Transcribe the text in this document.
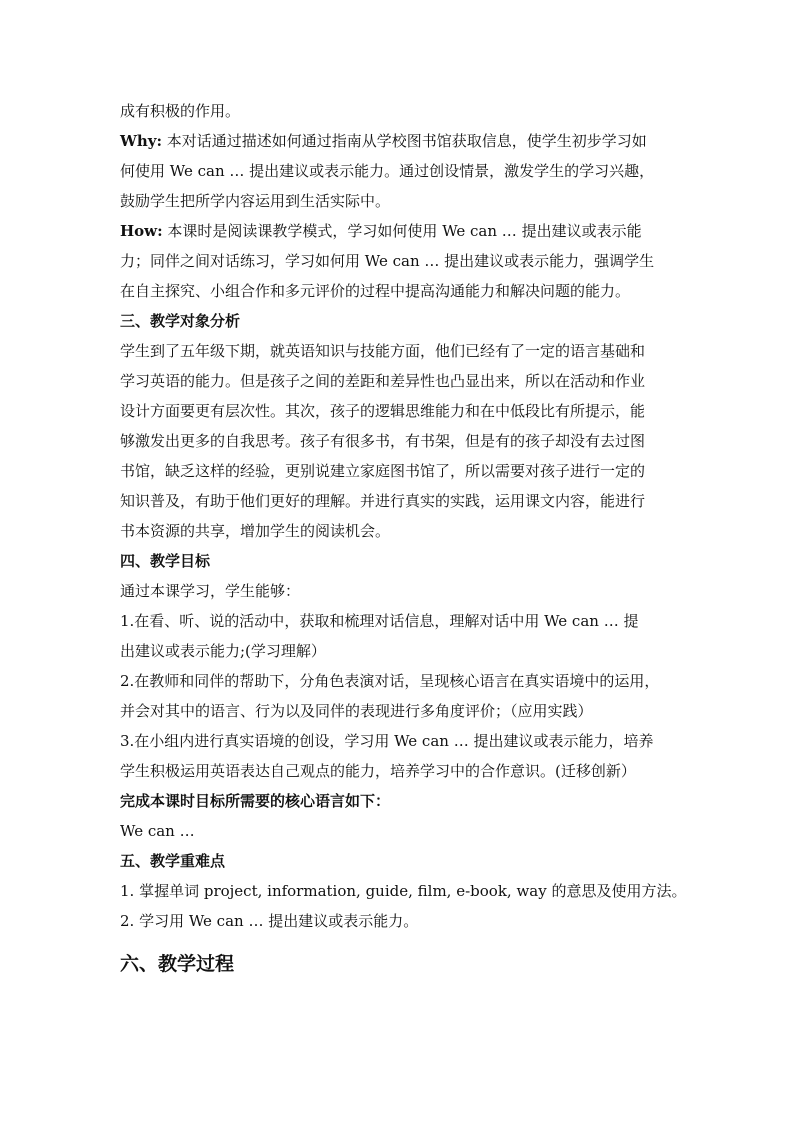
成有积极的作用。
Why: 本对话通过描述如何通过指南从学校图书馆获取信息，使学生初步学习如
何使用 We can … 提出建议或表示能力。通过创设情景，激发学生的学习兴趣，
鼓励学生把所学内容运用到生活实际中。
How: 本课时是阅读课教学模式，学习如何使用 We can … 提出建议或表示能
力；同伴之间对话练习，学习如何用 We can … 提出建议或表示能力，强调学生
在自主探究、小组合作和多元评价的过程中提高沟通能力和解决问题的能力。
三、教学对象分析
学生到了五年级下期，就英语知识与技能方面，他们已经有了一定的语言基础和
学习英语的能力。但是孩子之间的差距和差异性也凸显出来，所以在活动和作业
设计方面要更有层次性。其次，孩子的逻辑思维能力和在中低段比有所提示，能
够激发出更多的自我思考。孩子有很多书，有书架，但是有的孩子却没有去过图
书馆，缺乏这样的经验，更别说建立家庭图书馆了，所以需要对孩子进行一定的
知识普及，有助于他们更好的理解。并进行真实的实践，运用课文内容，能进行
书本资源的共享，增加学生的阅读机会。
四、教学目标
通过本课学习，学生能够：
1.在看、听、说的活动中，获取和梳理对话信息，理解对话中用 We can … 提
出建议或表示能力;(学习理解）
2.在教师和同伴的帮助下，分角色表演对话，呈现核心语言在真实语境中的运用，
并会对其中的语言、行为以及同伴的表现进行多角度评价；（应用实践）
3.在小组内进行真实语境的创设，学习用 We can … 提出建议或表示能力，培养
学生积极运用英语表达自己观点的能力，培养学习中的合作意识。(迁移创新）
完成本课时目标所需要的核心语言如下：
We can …
五、教学重难点
1. 掌握单词 project, information, guide, film, e-book, way 的意思及使用方法。
2. 学习用 We can … 提出建议或表示能力。
六、教学过程
